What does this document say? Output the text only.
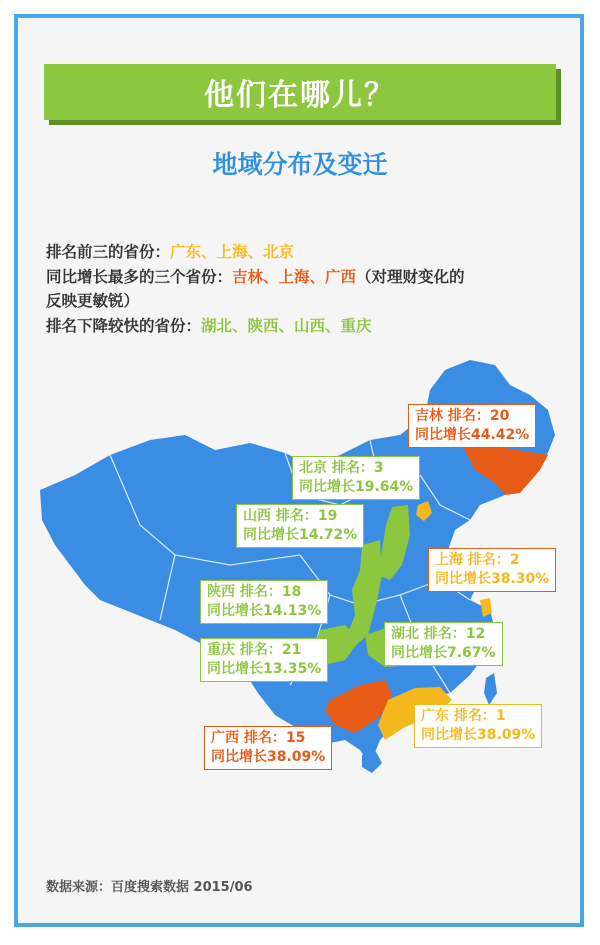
他们在哪儿？
地域分布及变迁
排名前三的省份：广东、上海、北京
同比增长最多的三个省份：吉林、上海、广西（对理财变化的
反映更敏锐）
排名下降较快的省份：湖北、陕西、山西、重庆
吉林 排名：20
同比增长44.42%
北京 排名：3
同比增长19.64%
山西 排名：19
同比增长14.72%
上海 排名：2
同比增长38.30%
陕西 排名：18
同比增长14.13%
湖北 排名：12
同比增长7.67%
重庆 排名：21
同比增长13.35%
广东 排名：1
同比增长38.09%
广西 排名：15
同比增长38.09%
数据来源：百度搜索数据 2015/06
